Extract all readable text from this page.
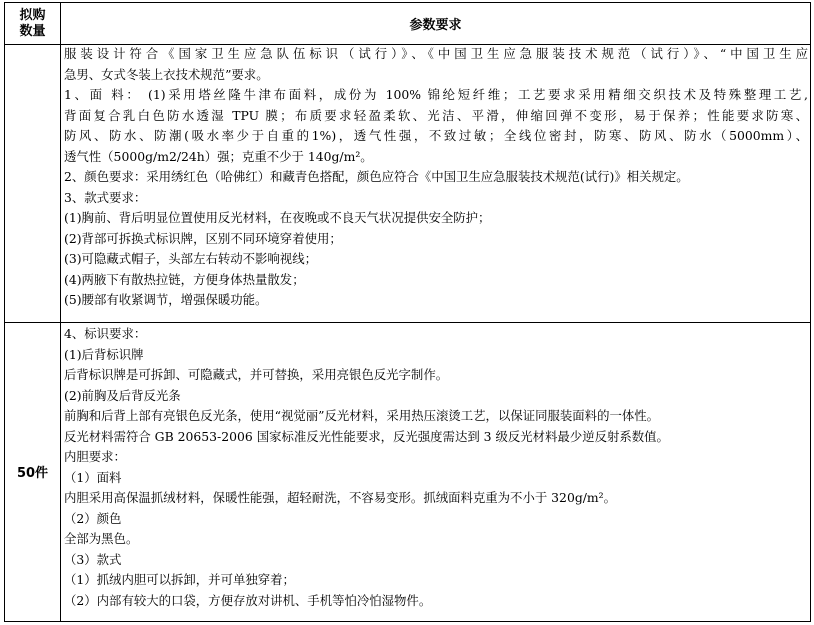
拟购
数量	参数要求
50件
服装设计符合《国家卫生应急队伍标识（试行）》、《中国卫生应急服装技术规范（试行）》、“中国卫生应
急男、女式冬装上衣技术规范”要求。
1、面 料： (1)采用塔丝隆牛津布面料，成份为 100% 锦纶短纤维；工艺要求采用精细交织技术及特殊整理工艺,
背面复合乳白色防水透湿 TPU 膜；布质要求轻盈柔软、光洁、平滑，伸缩回弹不变形，易于保养；性能要求防寒、
防风、防水、防潮(吸水率少于自重的1%)，透气性强，不致过敏；全线位密封，防寒、防风、防水（5000mm）、
透气性（5000g/m2/24h）强；克重不少于 140g/m²。
2、颜色要求：采用绣红色（哈佛红）和藏青色搭配，颜色应符合《中国卫生应急服装技术规范(试行)》相关规定。
3、款式要求：
(1)胸前、背后明显位置使用反光材料，在夜晚或不良天气状况提供安全防护；
(2)背部可拆换式标识牌，区别不同环境穿着使用；
(3)可隐藏式帽子，头部左右转动不影响视线；
(4)两腋下有散热拉链，方便身体热量散发；
(5)腰部有收紧调节，增强保暖功能。
4、标识要求：
(1)后背标识牌
后背标识牌是可拆卸、可隐藏式，并可替换，采用亮银色反光字制作。
(2)前胸及后背反光条
前胸和后背上部有亮银色反光条，使用“视觉丽”反光材料，采用热压滚烫工艺，以保证同服装面料的一体性。
反光材料需符合 GB 20653-2006 国家标准反光性能要求，反光强度需达到 3 级反光材料最少逆反射系数值。
内胆要求：
（1）面料
内胆采用高保温抓绒材料，保暖性能强，超轻耐洗，不容易变形。抓绒面料克重为不小于 320g/m²。
（2）颜色
全部为黑色。
（3）款式
（1）抓绒内胆可以拆卸，并可单独穿着；
（2）内部有较大的口袋，方便存放对讲机、手机等怕冷怕湿物件。
